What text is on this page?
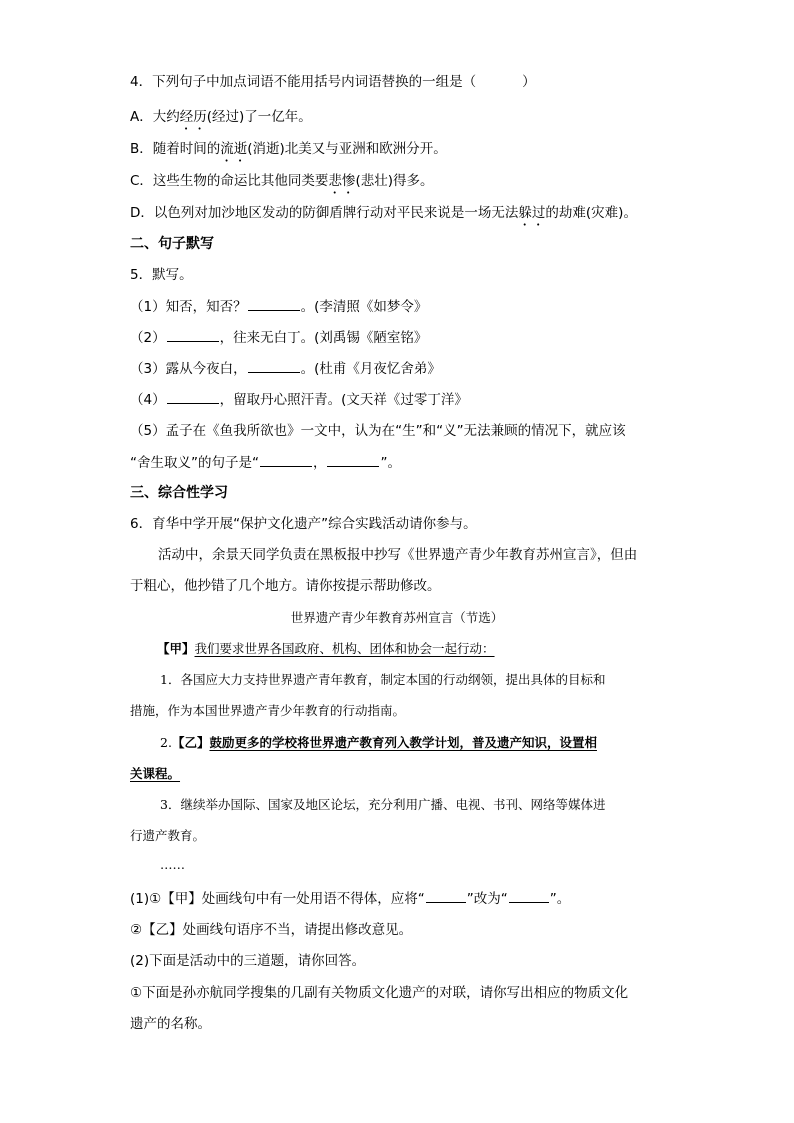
4．下列句子中加点词语不能用括号内词语替换的一组是（	）
A．大约经历(经过)了一亿年。
B．随着时间的流逝(消逝)北美又与亚洲和欧洲分开。
C．这些生物的命运比其他同类要悲惨(悲壮)得多。
D．以色列对加沙地区发动的防御盾牌行动对平民来说是一场无法躲过的劫难(灾难)。
二、句子默写
5．默写。
（1）知否，知否？	。(李清照《如梦令》
（2）	，往来无白丁。(刘禹锡《陋室铭》
（3）露从今夜白，	。(杜甫《月夜忆舍弟》
（4）	，留取丹心照汗青。(文天祥《过零丁洋》
（5）孟子在《鱼我所欲也》一文中，认为在“生”和“义”无法兼顾的情况下，就应该
“舍生取义”的句子是“	，	”。
三、综合性学习
6．育华中学开展“保护文化遗产”综合实践活动请你参与。
活动中，余景天同学负责在黑板报中抄写《世界遗产青少年教育苏州宣言》，但由
于粗心，他抄错了几个地方。请你按提示帮助修改。
世界遗产青少年教育苏州宣言（节选）
【甲】我们要求世界各国政府、机构、团体和协会一起行动：
1．各国应大力支持世界遗产青年教育，制定本国的行动纲领，提出具体的目标和
措施，作为本国世界遗产青少年教育的行动指南。
2.【乙】鼓励更多的学校将世界遗产教育列入教学计划，普及遗产知识，设置相
关课程。
3．继续举办国际、国家及地区论坛，充分利用广播、电视、书刊、网络等媒体进
行遗产教育。
……
(1)①【甲】处画线句中有一处用语不得体，应将“	”改为“	”。
②【乙】处画线句语序不当，请提出修改意见。
(2)下面是活动中的三道题，请你回答。
①下面是孙亦航同学搜集的几副有关物质文化遗产的对联，请你写出相应的物质文化
遗产的名称。
